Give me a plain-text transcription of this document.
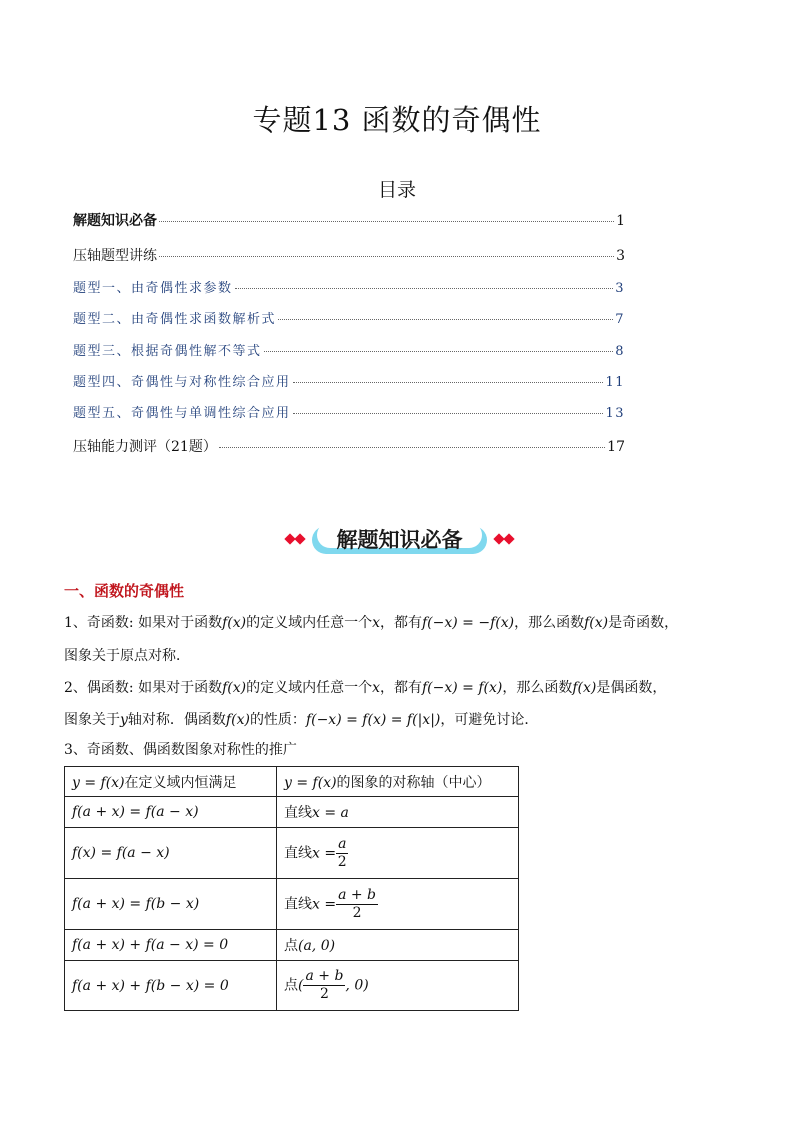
专题13 函数的奇偶性
目录
解题知识必备	1
压轴题型讲练	3
题型一、由奇偶性求参数	3
题型二、由奇偶性求函数解析式	7
题型三、根据奇偶性解不等式	8
题型四、奇偶性与对称性综合应用	11
题型五、奇偶性与单调性综合应用	13
压轴能力测评（21题）	17
解题知识必备
一、函数的奇偶性
1、奇函数: 如果对于函数f(x)的定义域内任意一个x，都有f(−x) = −f(x)，那么函数f(x)是奇函数，
图象关于原点对称．
2、偶函数: 如果对于函数f(x)的定义域内任意一个x，都有f(−x) = f(x)，那么函数f(x)是偶函数，
图象关于y轴对称．偶函数f(x)的性质：f(−x) = f(x) = f(|x|)，可避免讨论．
3、奇函数、偶函数图象对称性的推广
y = f(x)在定义域内恒满足	y = f(x)的图象的对称轴（中心）
f(a + x) = f(a − x)	直线x = a
f(x) = f(a − x)	直线$x = \frac{a}{2}$

f(a + x) = f(b − x)	直线$x = \frac{a + b}{2}$

f(a + x) + f(a − x) = 0	点(a, 0)
f(a + x) + f(b − x) = 0	点( $\frac{a + b}{2}$ , 0)
